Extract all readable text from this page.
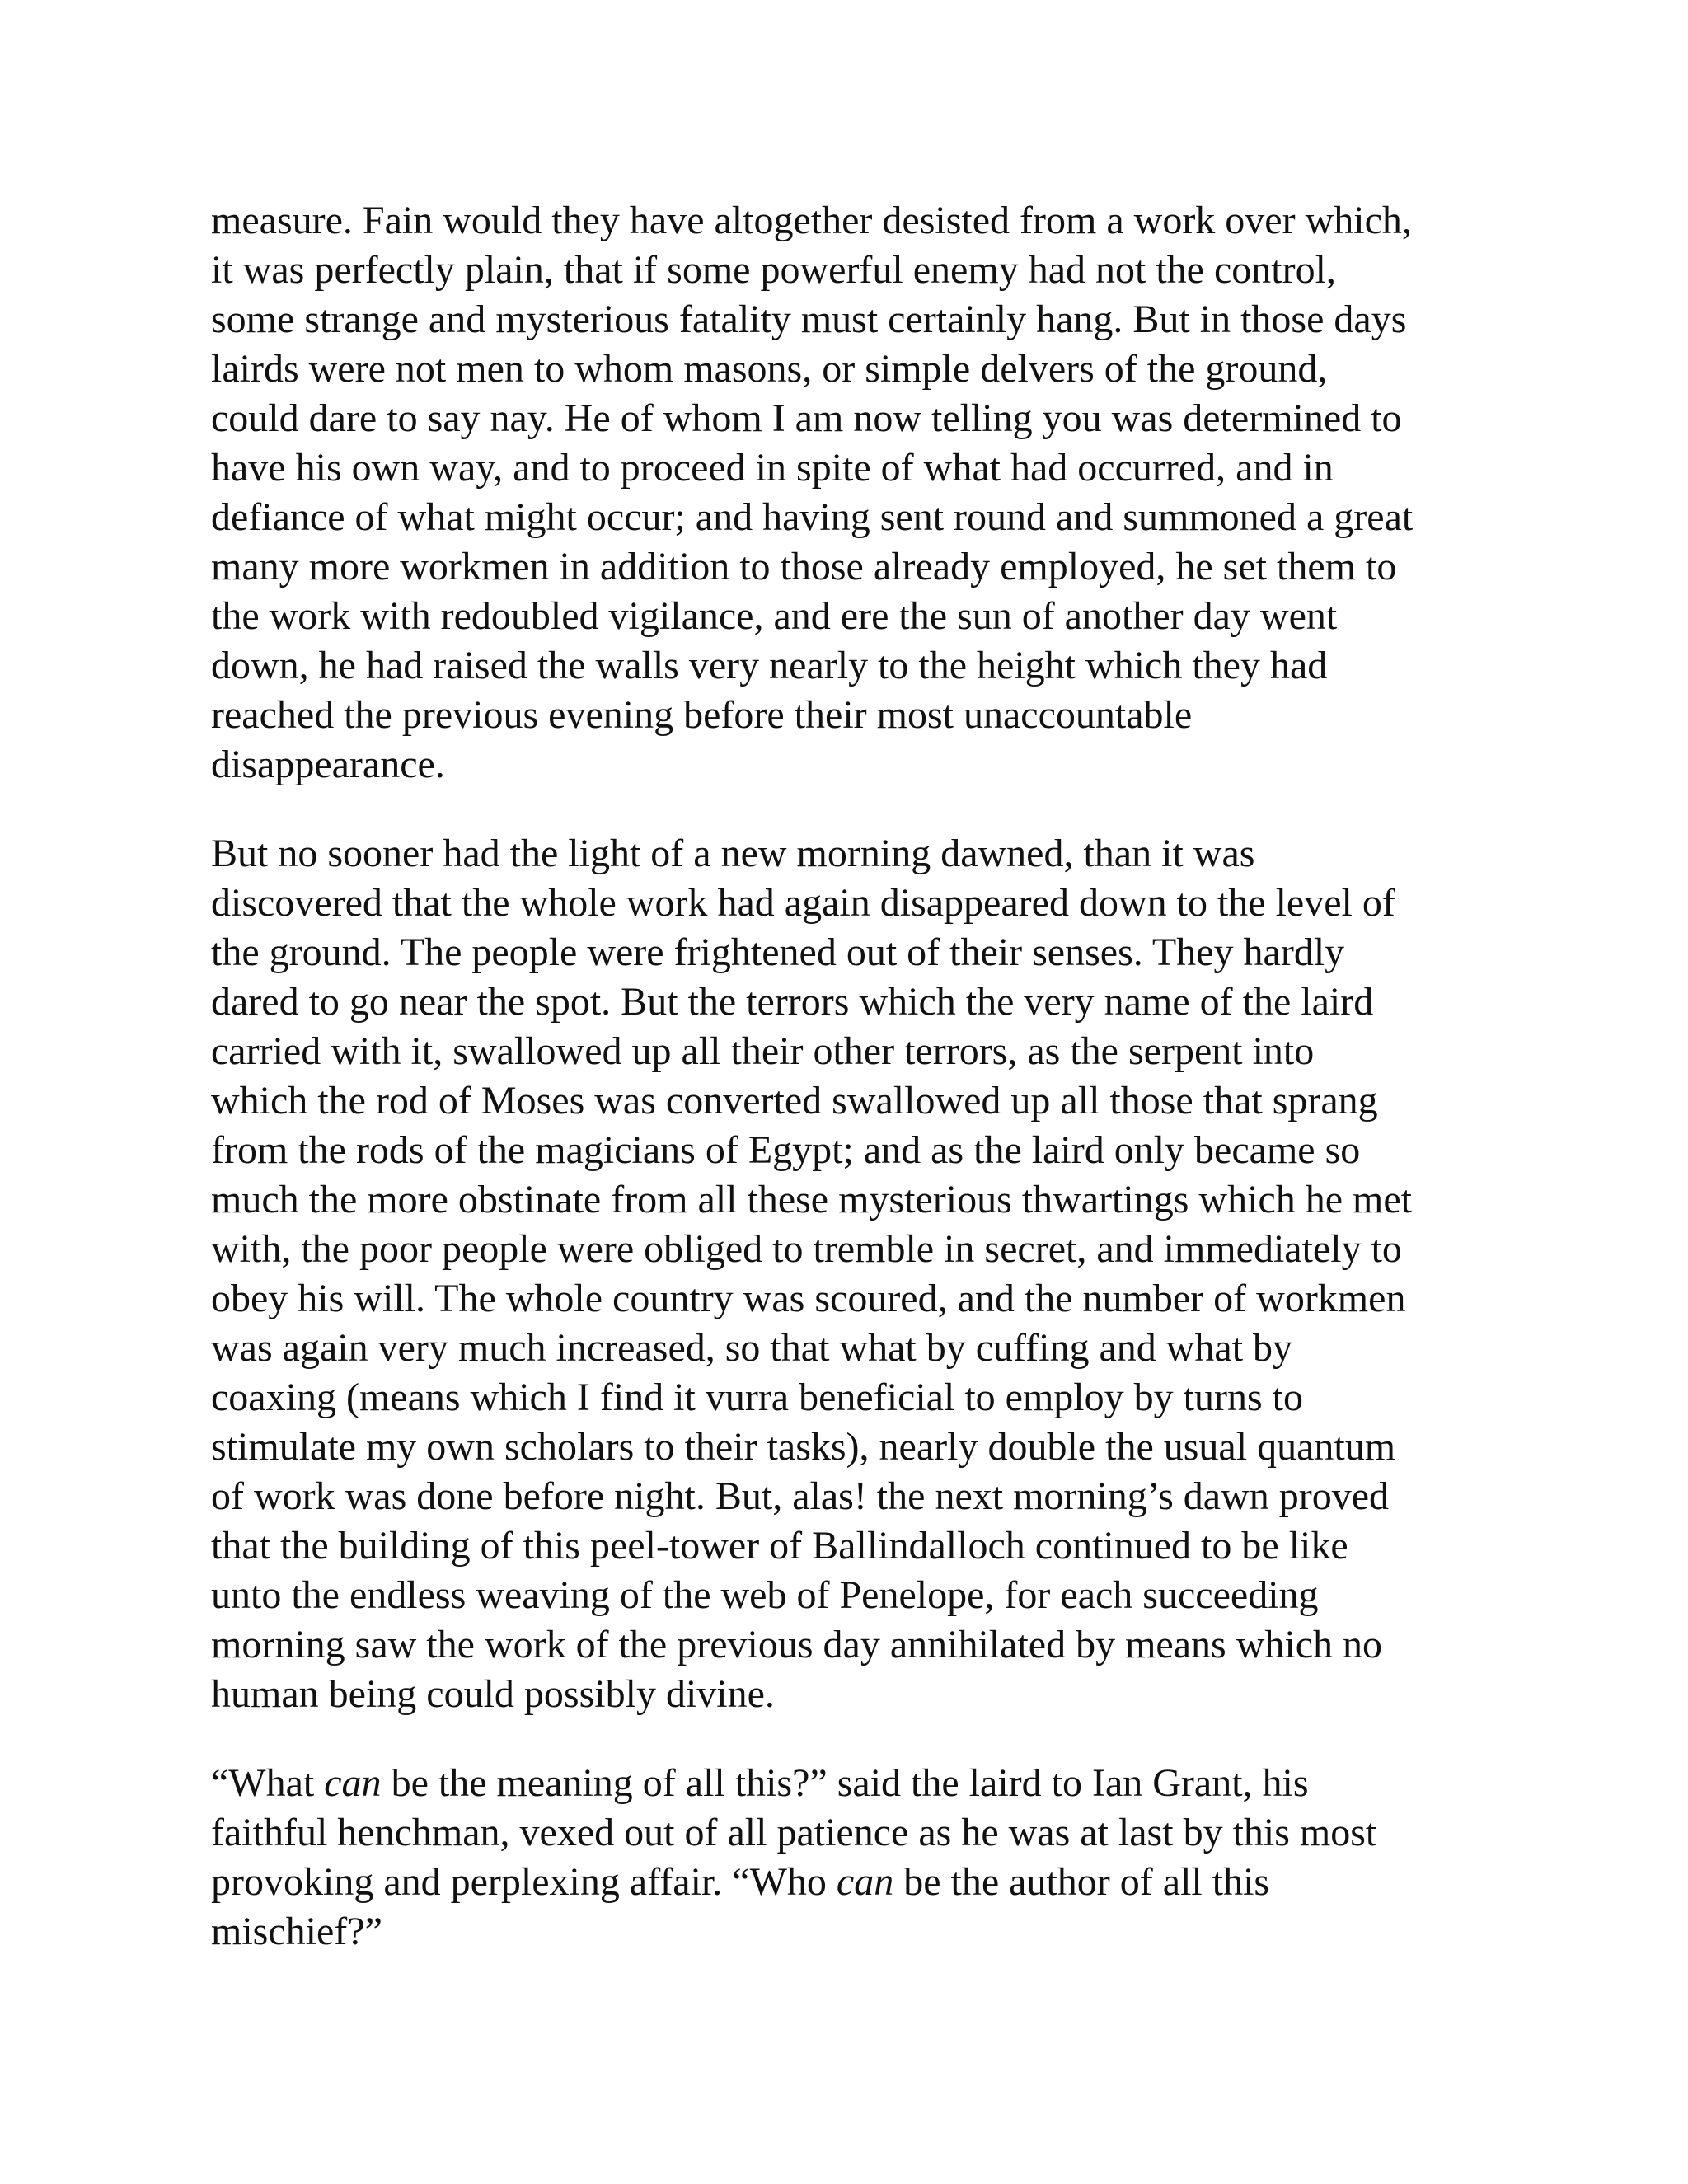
measure. Fain would they have altogether desisted from a work over which,
it was perfectly plain, that if some powerful enemy had not the control,
some strange and mysterious fatality must certainly hang. But in those days
lairds were not men to whom masons, or simple delvers of the ground,
could dare to say nay. He of whom I am now telling you was determined to
have his own way, and to proceed in spite of what had occurred, and in
defiance of what might occur; and having sent round and summoned a great
many more workmen in addition to those already employed, he set them to
the work with redoubled vigilance, and ere the sun of another day went
down, he had raised the walls very nearly to the height which they had
reached the previous evening before their most unaccountable
disappearance.

But no sooner had the light of a new morning dawned, than it was
discovered that the whole work had again disappeared down to the level of
the ground. The people were frightened out of their senses. They hardly
dared to go near the spot. But the terrors which the very name of the laird
carried with it, swallowed up all their other terrors, as the serpent into
which the rod of Moses was converted swallowed up all those that sprang
from the rods of the magicians of Egypt; and as the laird only became so
much the more obstinate from all these mysterious thwartings which he met
with, the poor people were obliged to tremble in secret, and immediately to
obey his will. The whole country was scoured, and the number of workmen
was again very much increased, so that what by cuffing and what by
coaxing (means which I find it vurra beneficial to employ by turns to
stimulate my own scholars to their tasks), nearly double the usual quantum
of work was done before night. But, alas! the next morning’s dawn proved
that the building of this peel-tower of Ballindalloch continued to be like
unto the endless weaving of the web of Penelope, for each succeeding
morning saw the work of the previous day annihilated by means which no
human being could possibly divine.

“What can be the meaning of all this?” said the laird to Ian Grant, his
faithful henchman, vexed out of all patience as he was at last by this most
provoking and perplexing affair. “Who can be the author of all this
mischief?”
